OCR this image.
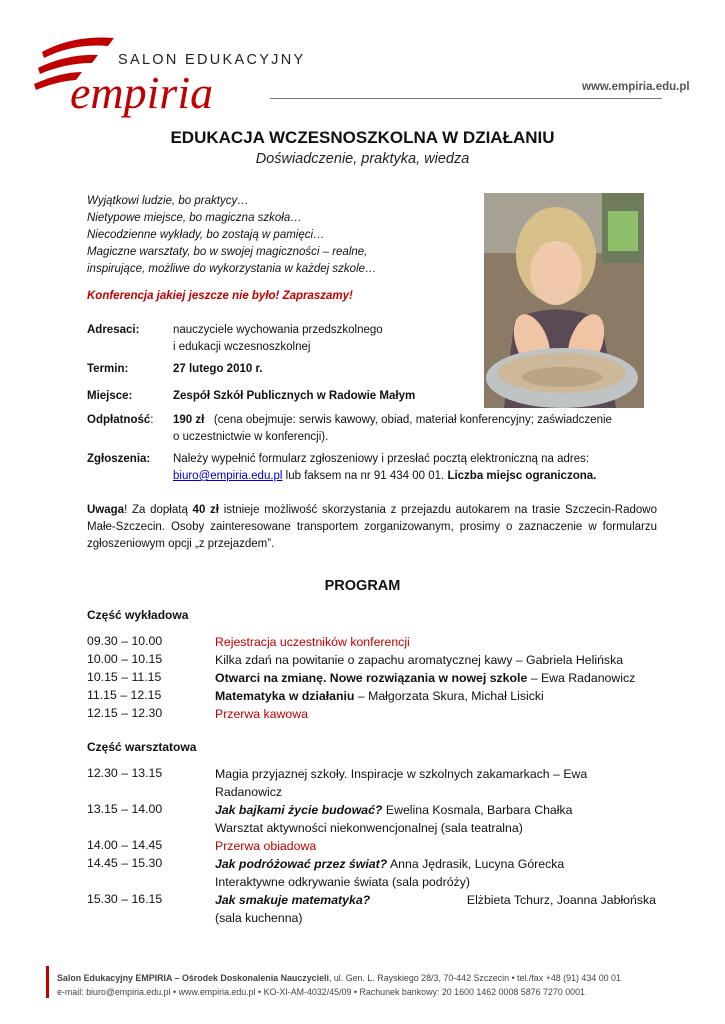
empiria
SALON EDUKACYJNY
www.empiria.edu.pl
EDUKACJA WCZESNOSZKOLNA W DZIAŁANIU
Doświadczenie, praktyka, wiedza
Wyjątkowi ludzie, bo praktycy…
Nietypowe miejsce, bo magiczna szkoła…
Niecodzienne wykłady, bo zostają w pamięci…
Magiczne warsztaty, bo w swojej magiczności – realne,
inspirujące, możliwe do wykorzystania w każdej szkole…
Konferencja jakiej jeszcze nie było! Zapraszamy!
Adresaci:	nauczyciele wychowania przedszkolnego
i edukacji wczesnoszkolnej
Termin:	27 lutego 2010 r.
Miejsce:	Zespół Szkół Publicznych w Radowie Małym
Odpłatność: 190 zł (cena obejmuje: serwis kawowy, obiad, materiał konferencyjny; zaświadczenie
o uczestnictwie w konferencji).
Zgłoszenia: Należy wypełnić formularz zgłoszeniowy i przesłać pocztą elektroniczną na adres:
biuro@empiria.edu.pl lub faksem na nr 91 434 00 01. Liczba miejsc ograniczona.
Uwaga! Za dopłatą 40 zł istnieje możliwość skorzystania z przejazdu autokarem na trasie Szczecin-Radowo Małe-Szczecin. Osoby zainteresowane transportem zorganizowanym, prosimy o zaznaczenie w formularzu zgłoszeniowym opcji „z przejazdem”.
PROGRAM
Część wykładowa
09.30 – 10.00	Rejestracja uczestników konferencji
10.00 – 10.15	Kilka zdań na powitanie o zapachu aromatycznej kawy – Gabriela Helińska
10.15 – 11.15	Otwarci na zmianę. Nowe rozwiązania w nowej szkole – Ewa Radanowicz
11.15 – 12.15	Matematyka w działaniu – Małgorzata Skura, Michał Lisicki
12.15 – 12.30	Przerwa kawowa
Część warsztatowa
12.30 – 13.15	Magia przyjaznej szkoły. Inspiracje w szkolnych zakamarkach – Ewa
Radanowicz
13.15 – 14.00	Jak bajkami życie budować? Ewelina Kosmala, Barbara Chałka
Warsztat aktywności niekonwencjonalnej (sala teatralna)
14.00 – 14.45	Przerwa obiadowa
14.45 – 15.30	Jak podróżować przez świat? Anna Jędrasik, Lucyna Górecka
Interaktywne odkrywanie świata (sala podróży)
15.30 – 16.15	Jak smakuje matematyka?	Elżbieta Tchurz, Joanna Jabłońska
(sala kuchenna)
Salon Edukacyjny EMPIRIA – Ośrodek Doskonalenia Nauczycieli, ul. Gen. L. Rayskiego 28/3, 70-442 Szczecin • tel./fax +48 (91) 434 00 01
e-mail: biuro@empiria.edu.pl • www.empiria.edu.pl • KO-XI-AM-4032/45/09 • Rachunek bankowy: 20 1600 1462 0008 5876 7270 0001
